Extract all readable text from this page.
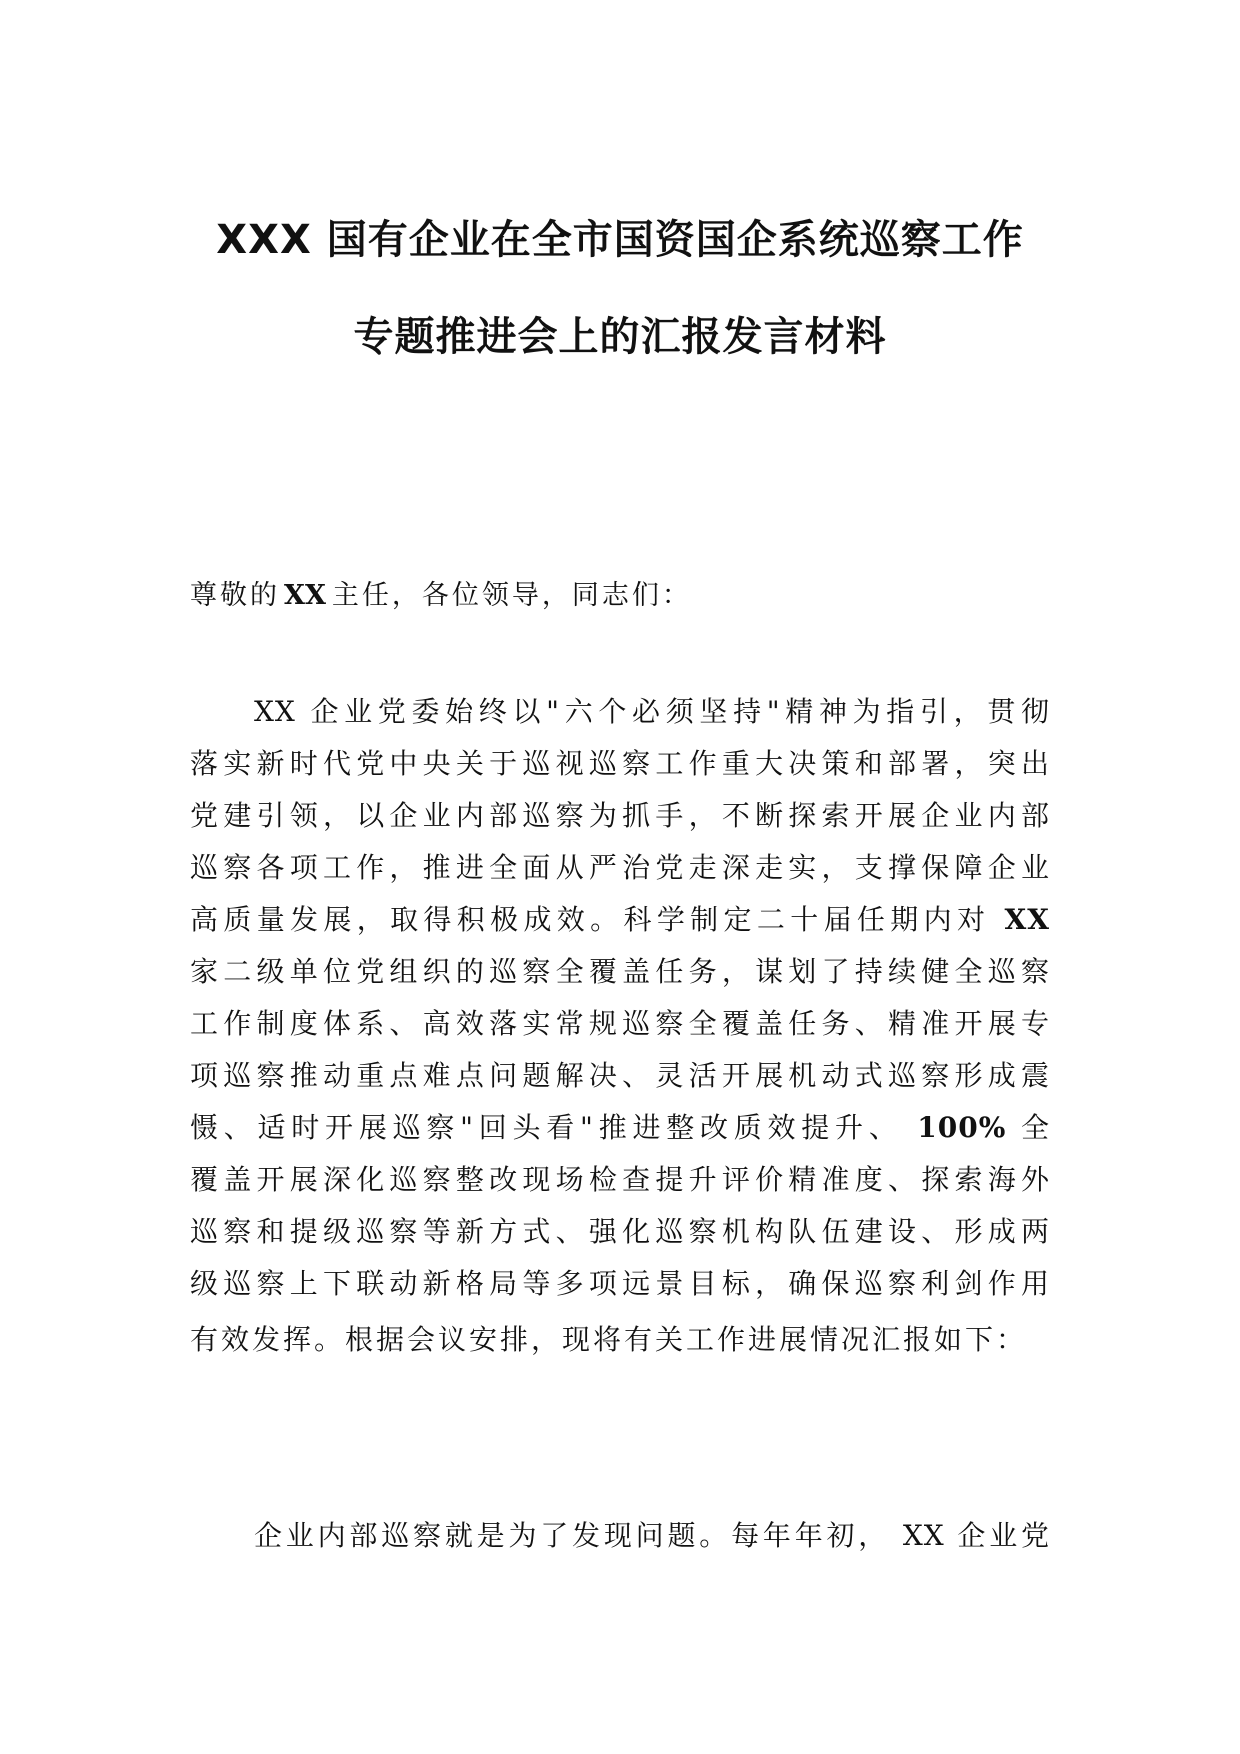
XXX 国有企业在全市国资国企系统巡察工作
专题推进会上的汇报发言材料
尊敬的 XX 主任，各位领导，同志们：
XX 企业党委始终以"六个必须坚持"精神为指引，贯彻
落实新时代党中央关于巡视巡察工作重大决策和部署，突出
党建引领，以企业内部巡察为抓手，不断探索开展企业内部
巡察各项工作，推进全面从严治党走深走实，支撑保障企业
高质量发展，取得积极成效。科学制定二十届任期内对 XX
家二级单位党组织的巡察全覆盖任务，谋划了持续健全巡察
工作制度体系、高效落实常规巡察全覆盖任务、精准开展专
项巡察推动重点难点问题解决、灵活开展机动式巡察形成震
慑、适时开展巡察"回头看"推进整改质效提升、 100% 全
覆盖开展深化巡察整改现场检查提升评价精准度、探索海外
巡察和提级巡察等新方式、强化巡察机构队伍建设、形成两
级巡察上下联动新格局等多项远景目标，确保巡察利剑作用
有效发挥。根据会议安排，现将有关工作进展情况汇报如下：
企业内部巡察就是为了发现问题。每年年初， XX 企业党
